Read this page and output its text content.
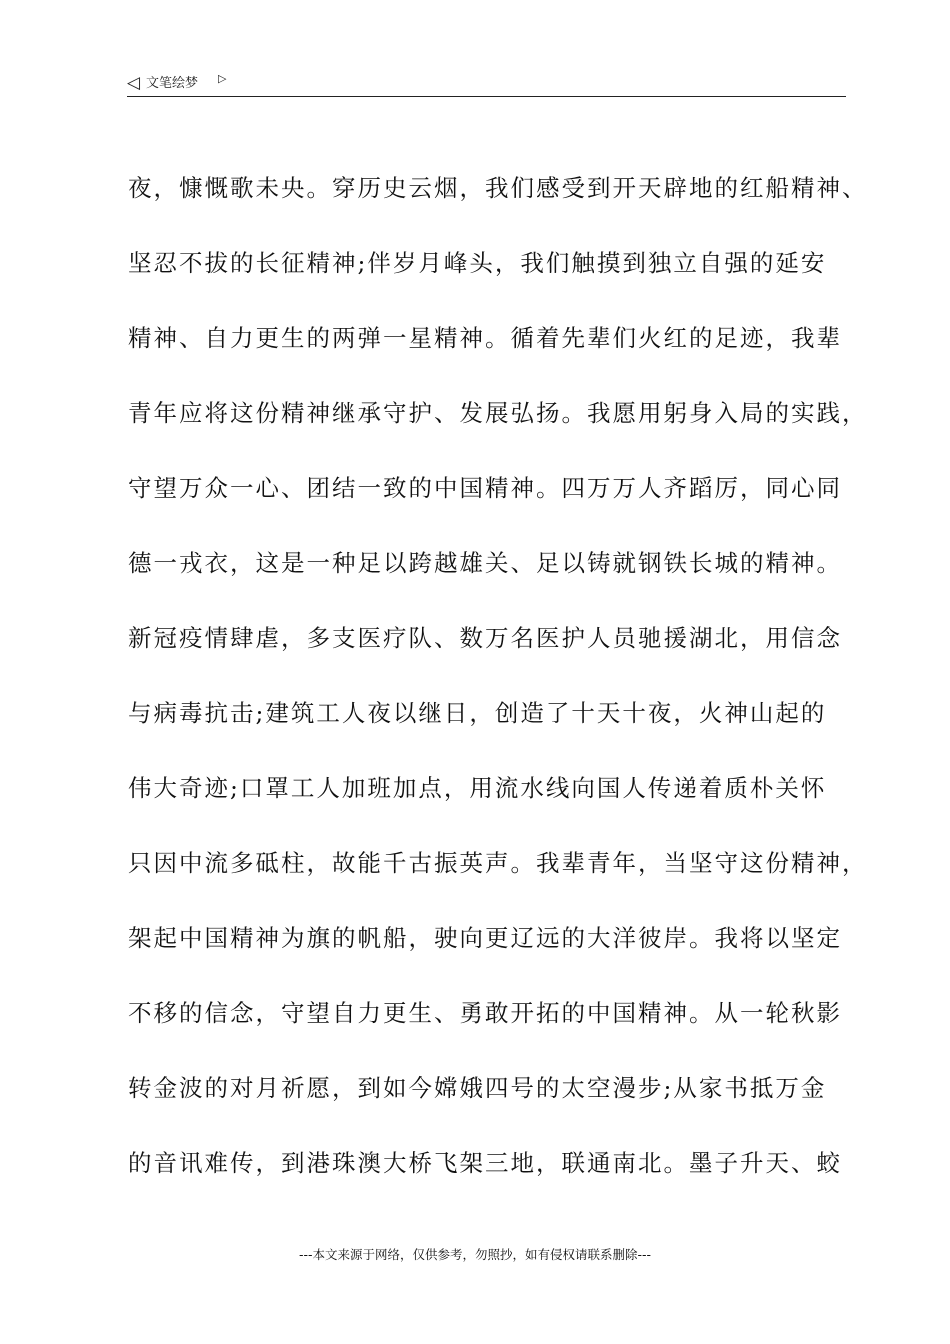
◁ 文笔绘梦 ▷
夜，慷慨歌未央。穿历史云烟，我们感受到开天辟地的红船精神、
坚忍不拔的长征精神;伴岁月峰头，我们触摸到独立自强的延安
精神、自力更生的两弹一星精神。循着先辈们火红的足迹，我辈
青年应将这份精神继承守护、发展弘扬。我愿用躬身入局的实践，
守望万众一心、团结一致的中国精神。四万万人齐蹈厉，同心同
德一戎衣，这是一种足以跨越雄关、足以铸就钢铁长城的精神。
新冠疫情肆虐，多支医疗队、数万名医护人员驰援湖北，用信念
与病毒抗击;建筑工人夜以继日，创造了十天十夜，火神山起的
伟大奇迹;口罩工人加班加点，用流水线向国人传递着质朴关怀
只因中流多砥柱，故能千古振英声。我辈青年，当坚守这份精神，
架起中国精神为旗的帆船，驶向更辽远的大洋彼岸。我将以坚定
不移的信念，守望自力更生、勇敢开拓的中国精神。从一轮秋影
转金波的对月祈愿，到如今嫦娥四号的太空漫步;从家书抵万金
的音讯难传，到港珠澳大桥飞架三地，联通南北。墨子升天、蛟
---本文来源于网络，仅供参考，勿照抄，如有侵权请联系删除---
